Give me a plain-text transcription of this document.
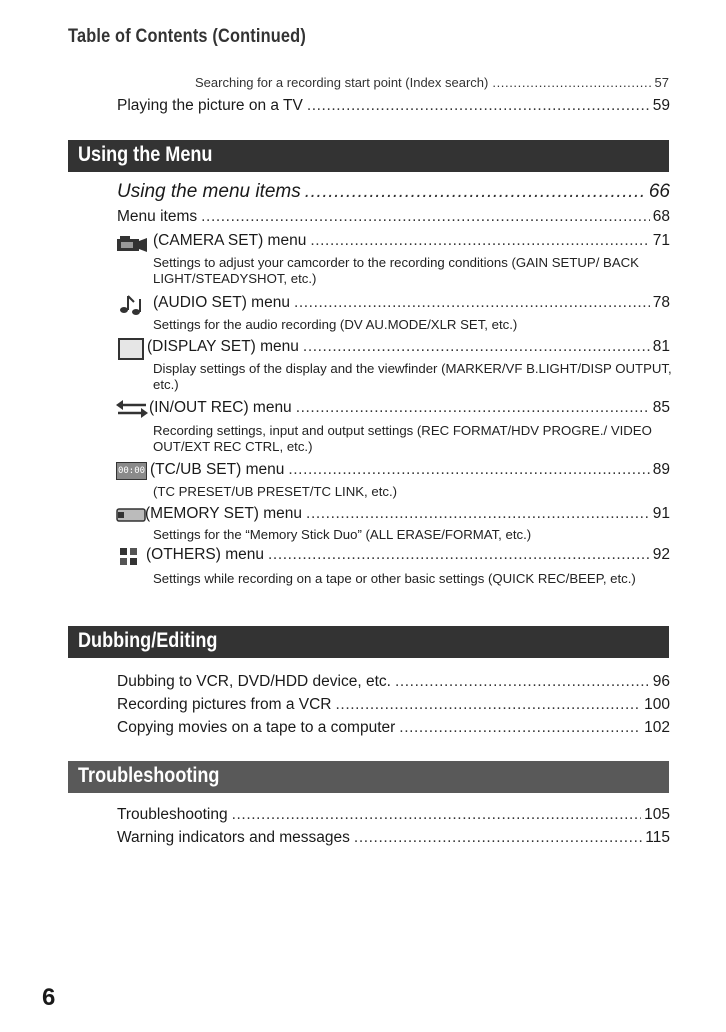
Table of Contents (Continued)
Searching for a recording start point (Index search) .....	57
Playing the picture on a TV .....	59
Using the Menu
Using the menu items .....	66
Menu items .....	68
(CAMERA SET) menu .....	71
Settings to adjust your camcorder to the recording conditions (GAIN SETUP/ BACK LIGHT/STEADYSHOT, etc.)
(AUDIO SET) menu .....	78
Settings for the audio recording (DV AU.MODE/XLR SET, etc.)
(DISPLAY SET) menu .....	81
Display settings of the display and the viewfinder (MARKER/VF B.LIGHT/DISP OUTPUT, etc.)
(IN/OUT REC) menu .....	85
Recording settings, input and output settings (REC FORMAT/HDV PROGRE./ VIDEO OUT/EXT REC CTRL, etc.)
00:00 (TC/UB SET) menu .....	89
(TC PRESET/UB PRESET/TC LINK, etc.)
(MEMORY SET) menu .....	91
Settings for the “Memory Stick Duo” (ALL ERASE/FORMAT, etc.)
(OTHERS) menu .....	92
Settings while recording on a tape or other basic settings (QUICK REC/BEEP, etc.)
Dubbing/Editing
Dubbing to VCR, DVD/HDD device, etc. .....	96
Recording pictures from a VCR .....	100
Copying movies on a tape to a computer .....	102
Troubleshooting
Troubleshooting .....	105
Warning indicators and messages .....	115
6
